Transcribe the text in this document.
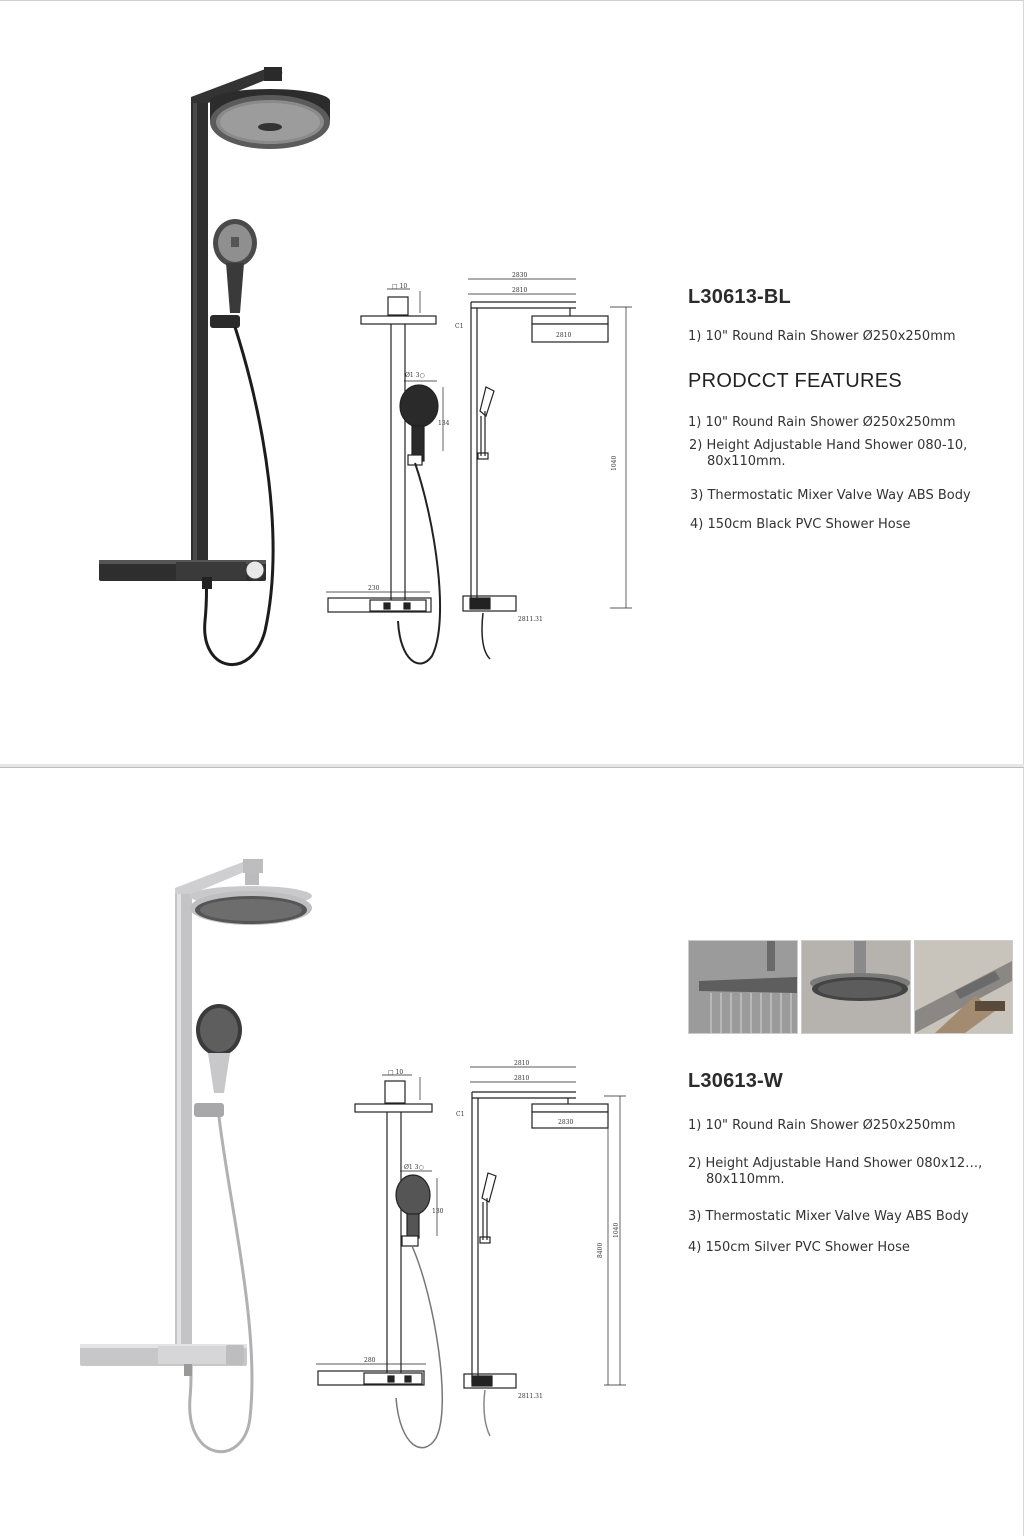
□ 10
230
Ø1 3○
134
2830
2810
2810
2811.31
C1
1040
L30613-BL
1) 10" Round Rain Shower Ø250x250mm
PRODCCT FEATURES
1) 10" Round Rain Shower Ø250x250mm
2) Height Adjustable Hand Shower 080-10,
80x110mm.
3) Thermostatic Mixer Valve Way ABS Body
4) 150cm Black PVC Shower Hose
□ 10
280
Ø1 3○
130
2810
2810
2830
2811.31
C1
8400
1040
L30613-W
1) 10" Round Rain Shower Ø250x250mm
2) Height Adjustable Hand Shower 080x12…,
80x110mm.
3) Thermostatic Mixer Valve Way ABS Body
4) 150cm Silver PVC Shower Hose
